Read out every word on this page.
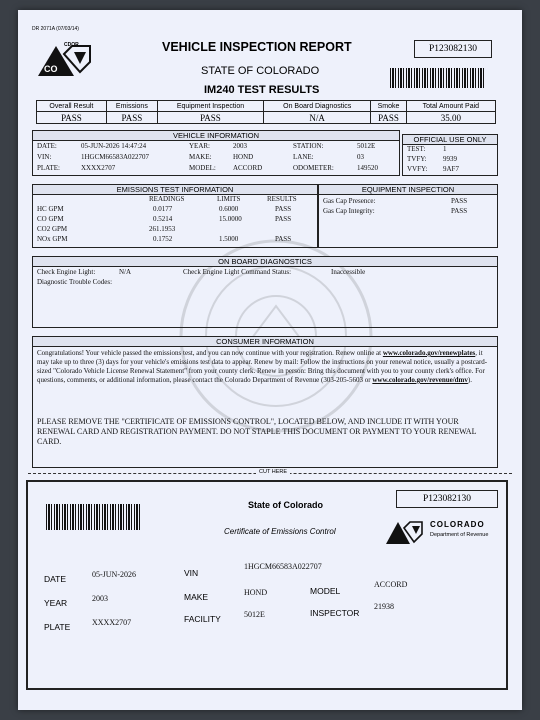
DR 2071A (07/03/14)
CDOR
CO
VEHICLE INSPECTION REPORT
STATE OF COLORADO
IM240 TEST RESULTS
P123082130
Overall Result	Emissions	Equipment Inspection	On Board Diagnostics	Smoke	Total Amount Paid
PASS	PASS	PASS	N/A	PASS	35.00
VEHICLE INFORMATION
DATE:	05-JUN-2026 14:47:24
VIN:	1HGCM66583A022707
PLATE:	XXXX2707
YEAR:	2003
MAKE:	HOND
MODEL: ACCORD
STATION:	5012E
LANE:	03
ODOMETER:	149520
OFFICIAL USE ONLY
TEST:	1
TVFY: 9939
VVFY: 9AF7
EMISSIONS TEST INFORMATION
READINGS	LIMITS	RESULTS
HC GPM	0.0177	0.6000	PASS
CO GPM	0.5214	15.0000	PASS
CO2 GPM	261.1953
NOx GPM	0.1752	1.5000	PASS
EQUIPMENT INSPECTION
Gas Cap Presence:	PASS
Gas Cap Integrity:	PASS
ON BOARD DIAGNOSTICS
Check Engine Light:	N/A	Check Engine Light Command Status:	Inaccessible
Diagnostic Trouble Codes:
CONSUMER INFORMATION
Congratulations! Your vehicle passed the emissions test, and you can now continue with your registration. Renew online at www.colorado.gov/renewplates, it may take up to three (3) days for your vehicle's emissions test data to appear. Renew by mail: Follow the instructions on your renewal notice, usually a postcard-sized "Colorado Vehicle License Renewal Statement" from your county clerk. Renew in person: Bring this document with you to your county clerk's office. For questions, comments, or additional information, please contact the Colorado Department of Revenue (303-205-5603 or www.colorado.gov/revenue/dmv).
PLEASE REMOVE THE "CERTIFICATE OF EMISSIONS CONTROL", LOCATED BELOW, AND INCLUDE IT WITH YOUR RENEWAL CARD AND REGISTRATION PAYMENT. DO NOT STAPLE THIS DOCUMENT OR PAYMENT TO YOUR RENEWAL CARD.
CUT HERE
State of Colorado
Certificate of Emissions Control
P123082130
COLORADO
Department of Revenue
DATE	05-JUN-2026
YEAR	2003
PLATE	XXXX2707
VIN
1HGCM66583A022707
MAKE	HOND
FACILITY	5012E
MODEL
ACCORD
INSPECTOR
21938
